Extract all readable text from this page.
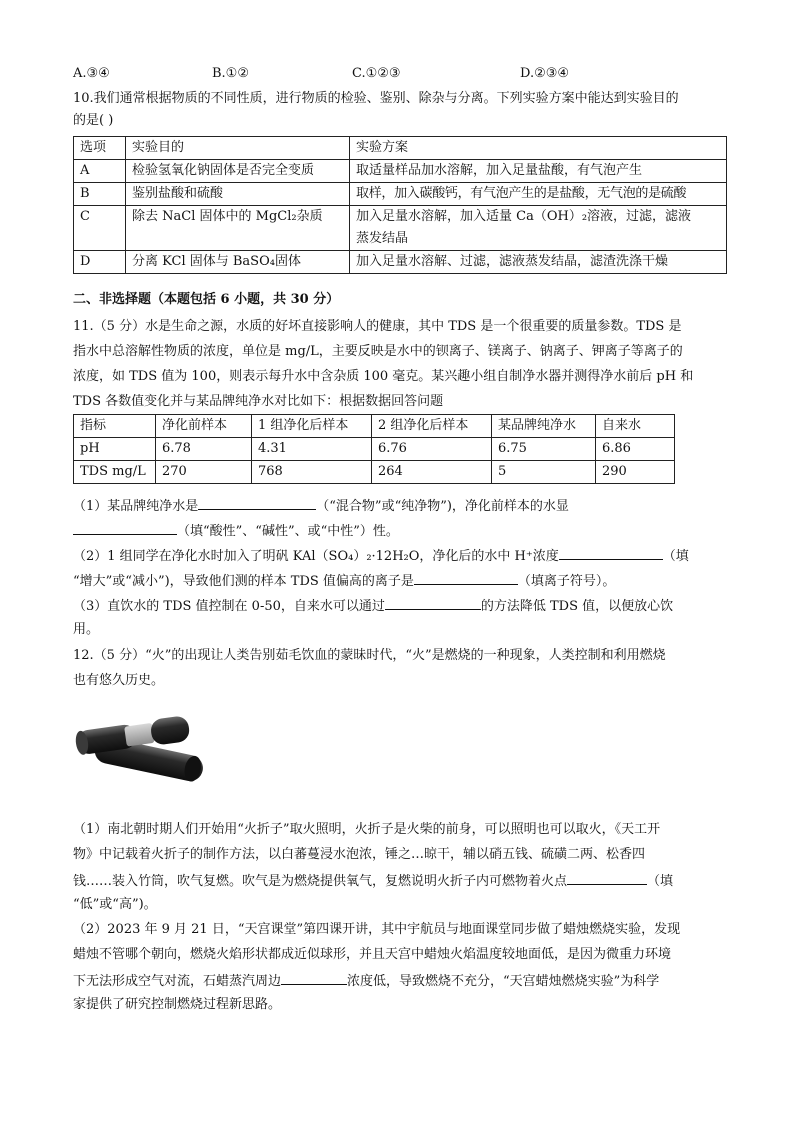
A.③④	B.①②	C.①②③	D.②③④
10.我们通常根据物质的不同性质，进行物质的检验、鉴别、除杂与分离。下列实验方案中能达到实验目的
的是( )
选项	实验目的	实验方案
A	检验氢氧化钠固体是否完全变质	取适量样品加水溶解，加入足量盐酸，有气泡产生
B	鉴别盐酸和硫酸	取样，加入碳酸钙，有气泡产生的是盐酸，无气泡的是硫酸
C	除去 NaCl 固体中的 MgCl₂杂质	加入足量水溶解，加入适量 Ca（OH）₂溶液，过滤，滤液
蒸发结晶

D	分离 KCl 固体与 BaSO₄固体	加入足量水溶解、过滤，滤液蒸发结晶，滤渣洗涤干燥
二、非选择题（本题包括 6 小题，共 30 分）
11.（5 分）水是生命之源，水质的好坏直接影响人的健康，其中 TDS 是一个很重要的质量参数。TDS 是
指水中总溶解性物质的浓度，单位是 mg/L，主要反映是水中的钡离子、镁离子、钠离子、钾离子等离子的
浓度，如 TDS 值为 100，则表示每升水中含杂质 100 毫克。某兴趣小组自制净水器并测得净水前后 pH 和
TDS 各数值变化并与某品牌纯净水对比如下：根据数据回答问题
指标	净化前样本	1 组净化后样本	2 组净化后样本	某品牌纯净水	自来水
pH	6.78	4.31	6.76	6.75	6.86
TDS mg/L	270	768	264	5	290
（1）某品牌纯净水是	（“混合物”或“纯净物”)，净化前样本的水显
（填“酸性”、“碱性”、或“中性”）性。
（2）1 组同学在净化水时加入了明矾 KAl（SO₄）₂·12H₂O，净化后的水中 H⁺浓度	（填
“增大”或“减小”)，导致他们测的样本 TDS 值偏高的离子是	（填离子符号）。
（3）直饮水的 TDS 值控制在 0-50，自来水可以通过	的方法降低 TDS 值，以便放心饮
用。
12.（5 分）“火”的出现让人类告别茹毛饮血的蒙昧时代，“火”是燃烧的一种现象，人类控制和利用燃烧
也有悠久历史。
（1）南北朝时期人们开始用“火折子”取火照明，火折子是火柴的前身，可以照明也可以取火，《天工开
物》中记载着火折子的制作方法，以白蕃蔓浸水泡浓，锤之…晾干，辅以硝五钱、硫磺二两、松香四
钱……装入竹筒，吹气复燃。吹气是为燃烧提供氧气，复燃说明火折子内可燃物着火点	（填
“低”或“高”)。
（2）2023 年 9 月 21 日，“天宫课堂”第四课开讲，其中宇航员与地面课堂同步做了蜡烛燃烧实验，发现
蜡烛不管哪个朝向，燃烧火焰形状都成近似球形，并且天宫中蜡烛火焰温度较地面低，是因为微重力环境
下无法形成空气对流，石蜡蒸汽周边	浓度低，导致燃烧不充分，“天宫蜡烛燃烧实验”为科学
家提供了研究控制燃烧过程新思路。
